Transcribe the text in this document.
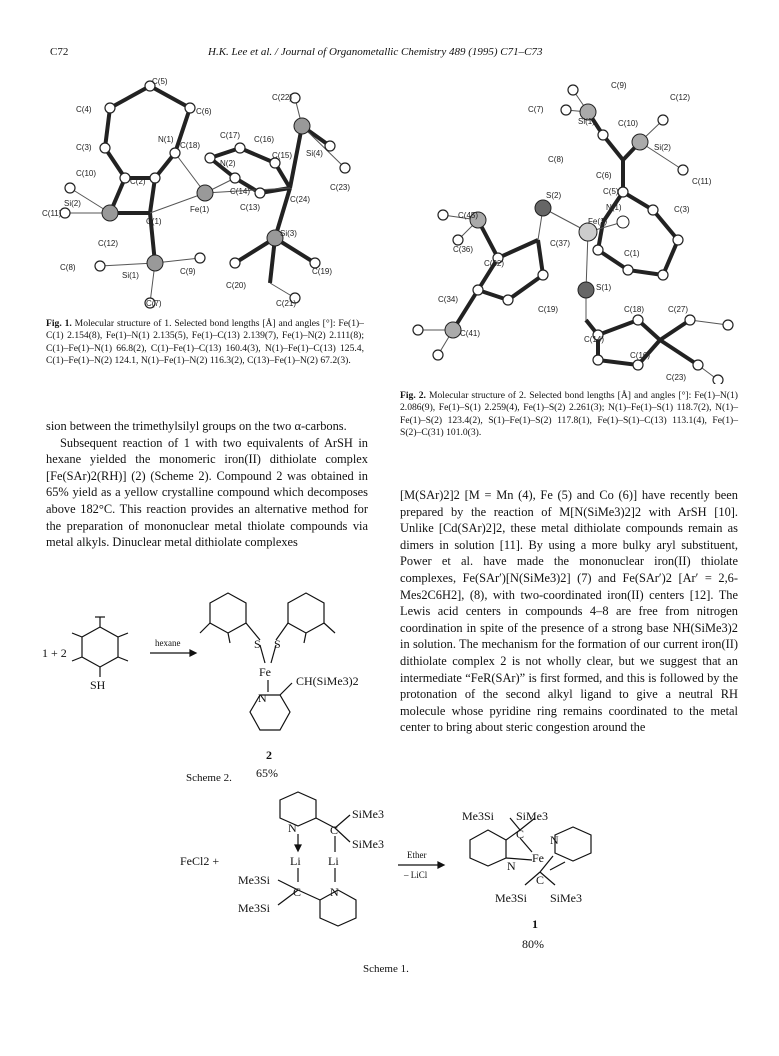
C72	H.K. Lee et al. / Journal of Organometallic Chemistry 489 (1995) C71–C73
C(5)
C(4)	C(6)
C(22)
C(3)
N(1)
C(18)
C(17) C(16)
C(10)
C(2)
N(2)
C(15) Si(4)
C(14)	C(23)
C(24)
Si(2)
Fe(1)	C(13)
C(11)
C(1)
Si(3)
C(12)
C(8)
Si(1)	C(9)	C(19)
C(20)
C(7)	C(21)
Fig. 1. Molecular structure of 1. Selected bond lengths [Å] and angles [°]: Fe(1)–C(1) 2.154(8), Fe(1)–N(1) 2.135(5), Fe(1)–C(13) 2.139(7), Fe(1)–N(2) 2.111(8); C(1)–Fe(1)–N(1) 66.8(2), C(1)–Fe(1)–C(13) 160.4(3), N(1)–Fe(1)–C(13) 125.4, C(1)–Fe(1)–N(2) 124.1, N(1)–Fe(1)–N(2) 116.3(2), C(13)–Fe(1)–N(2) 67.2(3).
C(9)
C(12)
C(7)
Si(1)	C(10)
Si(2)
C(8)
C(6)
C(11)
S(2)	C(5)
N(1)
C(45)
C(3)
Fe(1)
C(37)
C(36)
C(32)
C(1)
S(1)
C(34)
C(19)	C(18)	C(27)
C(41)
C(14)
C(16)
C(23)
Fig. 2. Molecular structure of 2. Selected bond lengths [Å] and angles [°]: Fe(1)–N(1) 2.086(9), Fe(1)–S(1) 2.259(4), Fe(1)–S(2) 2.261(3); N(1)–Fe(1)–S(1) 118.7(2), N(1)–Fe(1)–S(2) 123.4(2), S(1)–Fe(1)–S(2) 117.8(1), Fe(1)–S(1)–C(13) 113.1(4), Fe(1)–S(2)–C(31) 101.0(3).

sion between the trimethylsilyl groups on the two α-carbons.

Subsequent reaction of 1 with two equivalents of ArSH in hexane yielded the monomeric iron(II) dithiolate complex [Fe(SAr)2(RH)] (2) (Scheme 2). Compound 2 was obtained in 65% yield as a yellow crystalline compound which decomposes above 182°C. This reaction provides an alternative method for the preparation of mononuclear metal thiolate compounds via metal alkyls. Dinuclear metal dithiolate complexes

[M(SAr)2]2 [M = Mn (4), Fe (5) and Co (6)] have recently been prepared by the reaction of M[N(SiMe3)2]2 with ArSH [10]. Unlike [Cd(SAr)2]2, these metal dithiolate compounds remain as dimers in solution [11]. By using a more bulky aryl substituent, Power et al. have made the mononuclear iron(II) thiolate complexes, Fe(SAr′)[N(SiMe3)2] (7) and Fe(SAr′)2 [Ar′ = 2,6-Mes2C6H2], (8), with two-coordinated iron(II) centers [12]. The Lewis acid centers in compounds 4–8 are free from nitrogen coordination in spite of the presence of a strong base NH(SiMe3)2 in solution. The mechanism for the formation of our current iron(II) dithiolate complex 2 is not wholly clear, but we suggest that an intermediate “FeR(SAr)” is first formed, and this is followed by the protonation of the second alkyl ligand to give a neutral RH molecule whose pyridine ring remains coordinated to the metal center to bring about steric congestion around the

1 + 2
SH
hexane	S S
Fe
N
CH(SiMe3)2
2
65%
Scheme 2.
FeCl2 +
SiMe3
SiMe3
N	C
Li Li
Me3Si
Me3Si
C N
Ether
– LiCl
Me3Si SiMe3
C
Fe
N
N
C
Me3Si SiMe3
1
80%
Scheme 1.
